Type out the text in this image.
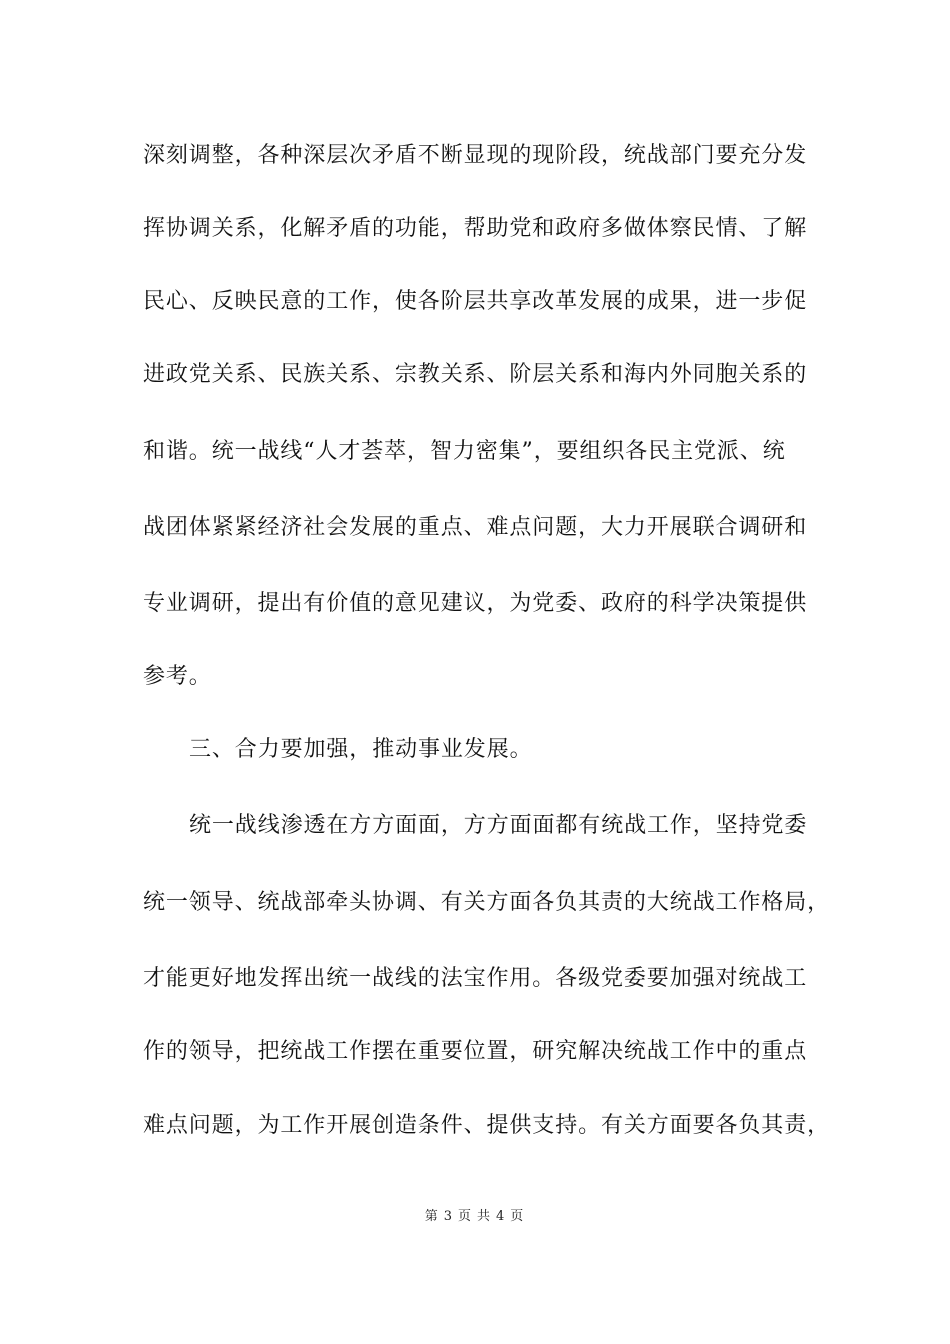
深刻调整，各种深层次矛盾不断显现的现阶段，统战部门要充分发
挥协调关系，化解矛盾的功能，帮助党和政府多做体察民情、了解
民心、反映民意的工作，使各阶层共享改革发展的成果，进一步促
进政党关系、民族关系、宗教关系、阶层关系和海内外同胞关系的
和谐。统一战线“人才荟萃，智力密集”，要组织各民主党派、统
战团体紧紧经济社会发展的重点、难点问题，大力开展联合调研和
专业调研，提出有价值的意见建议，为党委、政府的科学决策提供
参考。
三、合力要加强，推动事业发展。
统一战线渗透在方方面面，方方面面都有统战工作，坚持党委
统一领导、统战部牵头协调、有关方面各负其责的大统战工作格局，
才能更好地发挥出统一战线的法宝作用。各级党委要加强对统战工
作的领导，把统战工作摆在重要位置，研究解决统战工作中的重点
难点问题，为工作开展创造条件、提供支持。有关方面要各负其责，
第 3 页 共 4 页
